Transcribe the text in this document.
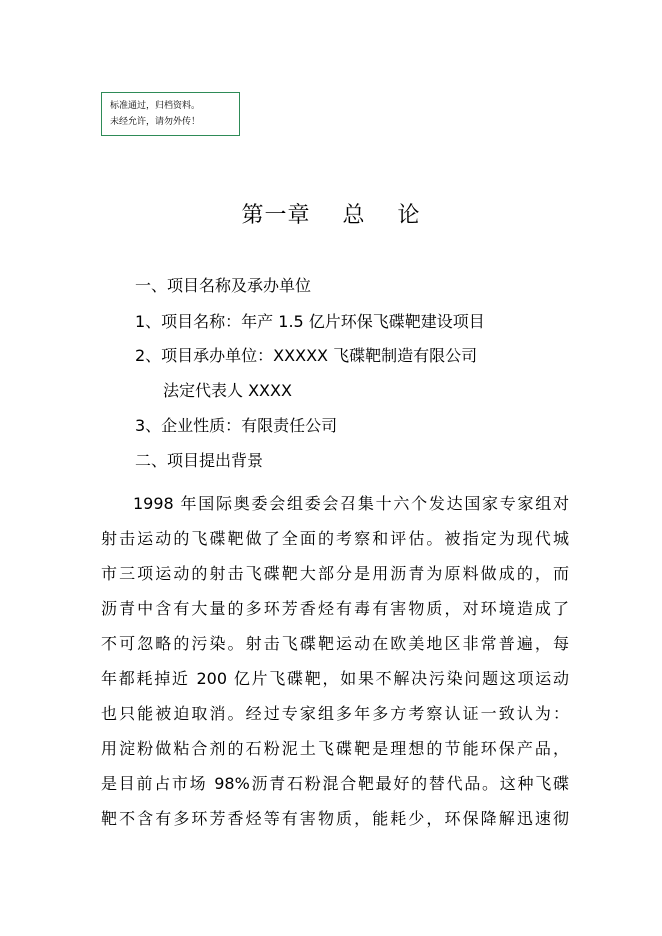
标准通过，归档资料。
未经允许，请勿外传！
第一章    总    论
一、项目名称及承办单位
1、项目名称：年产 1.5 亿片环保飞碟靶建设项目
2、项目承办单位：XXXXX 飞碟靶制造有限公司
法定代表人 XXXX
3、企业性质：有限责任公司
二、项目提出背景
1998 年国际奥委会组委会召集十六个发达国家专家组对
射击运动的飞碟靶做了全面的考察和评估。被指定为现代城
市三项运动的射击飞碟靶大部分是用沥青为原料做成的，而
沥青中含有大量的多环芳香烃有毒有害物质，对环境造成了
不可忽略的污染。射击飞碟靶运动在欧美地区非常普遍，每
年都耗掉近 200 亿片飞碟靶，如果不解决污染问题这项运动
也只能被迫取消。经过专家组多年多方考察认证一致认为：
用淀粉做粘合剂的石粉泥土飞碟靶是理想的节能环保产品，
是目前占市场 98%沥青石粉混合靶最好的替代品。这种飞碟
靶不含有多环芳香烃等有害物质，能耗少，环保降解迅速彻
